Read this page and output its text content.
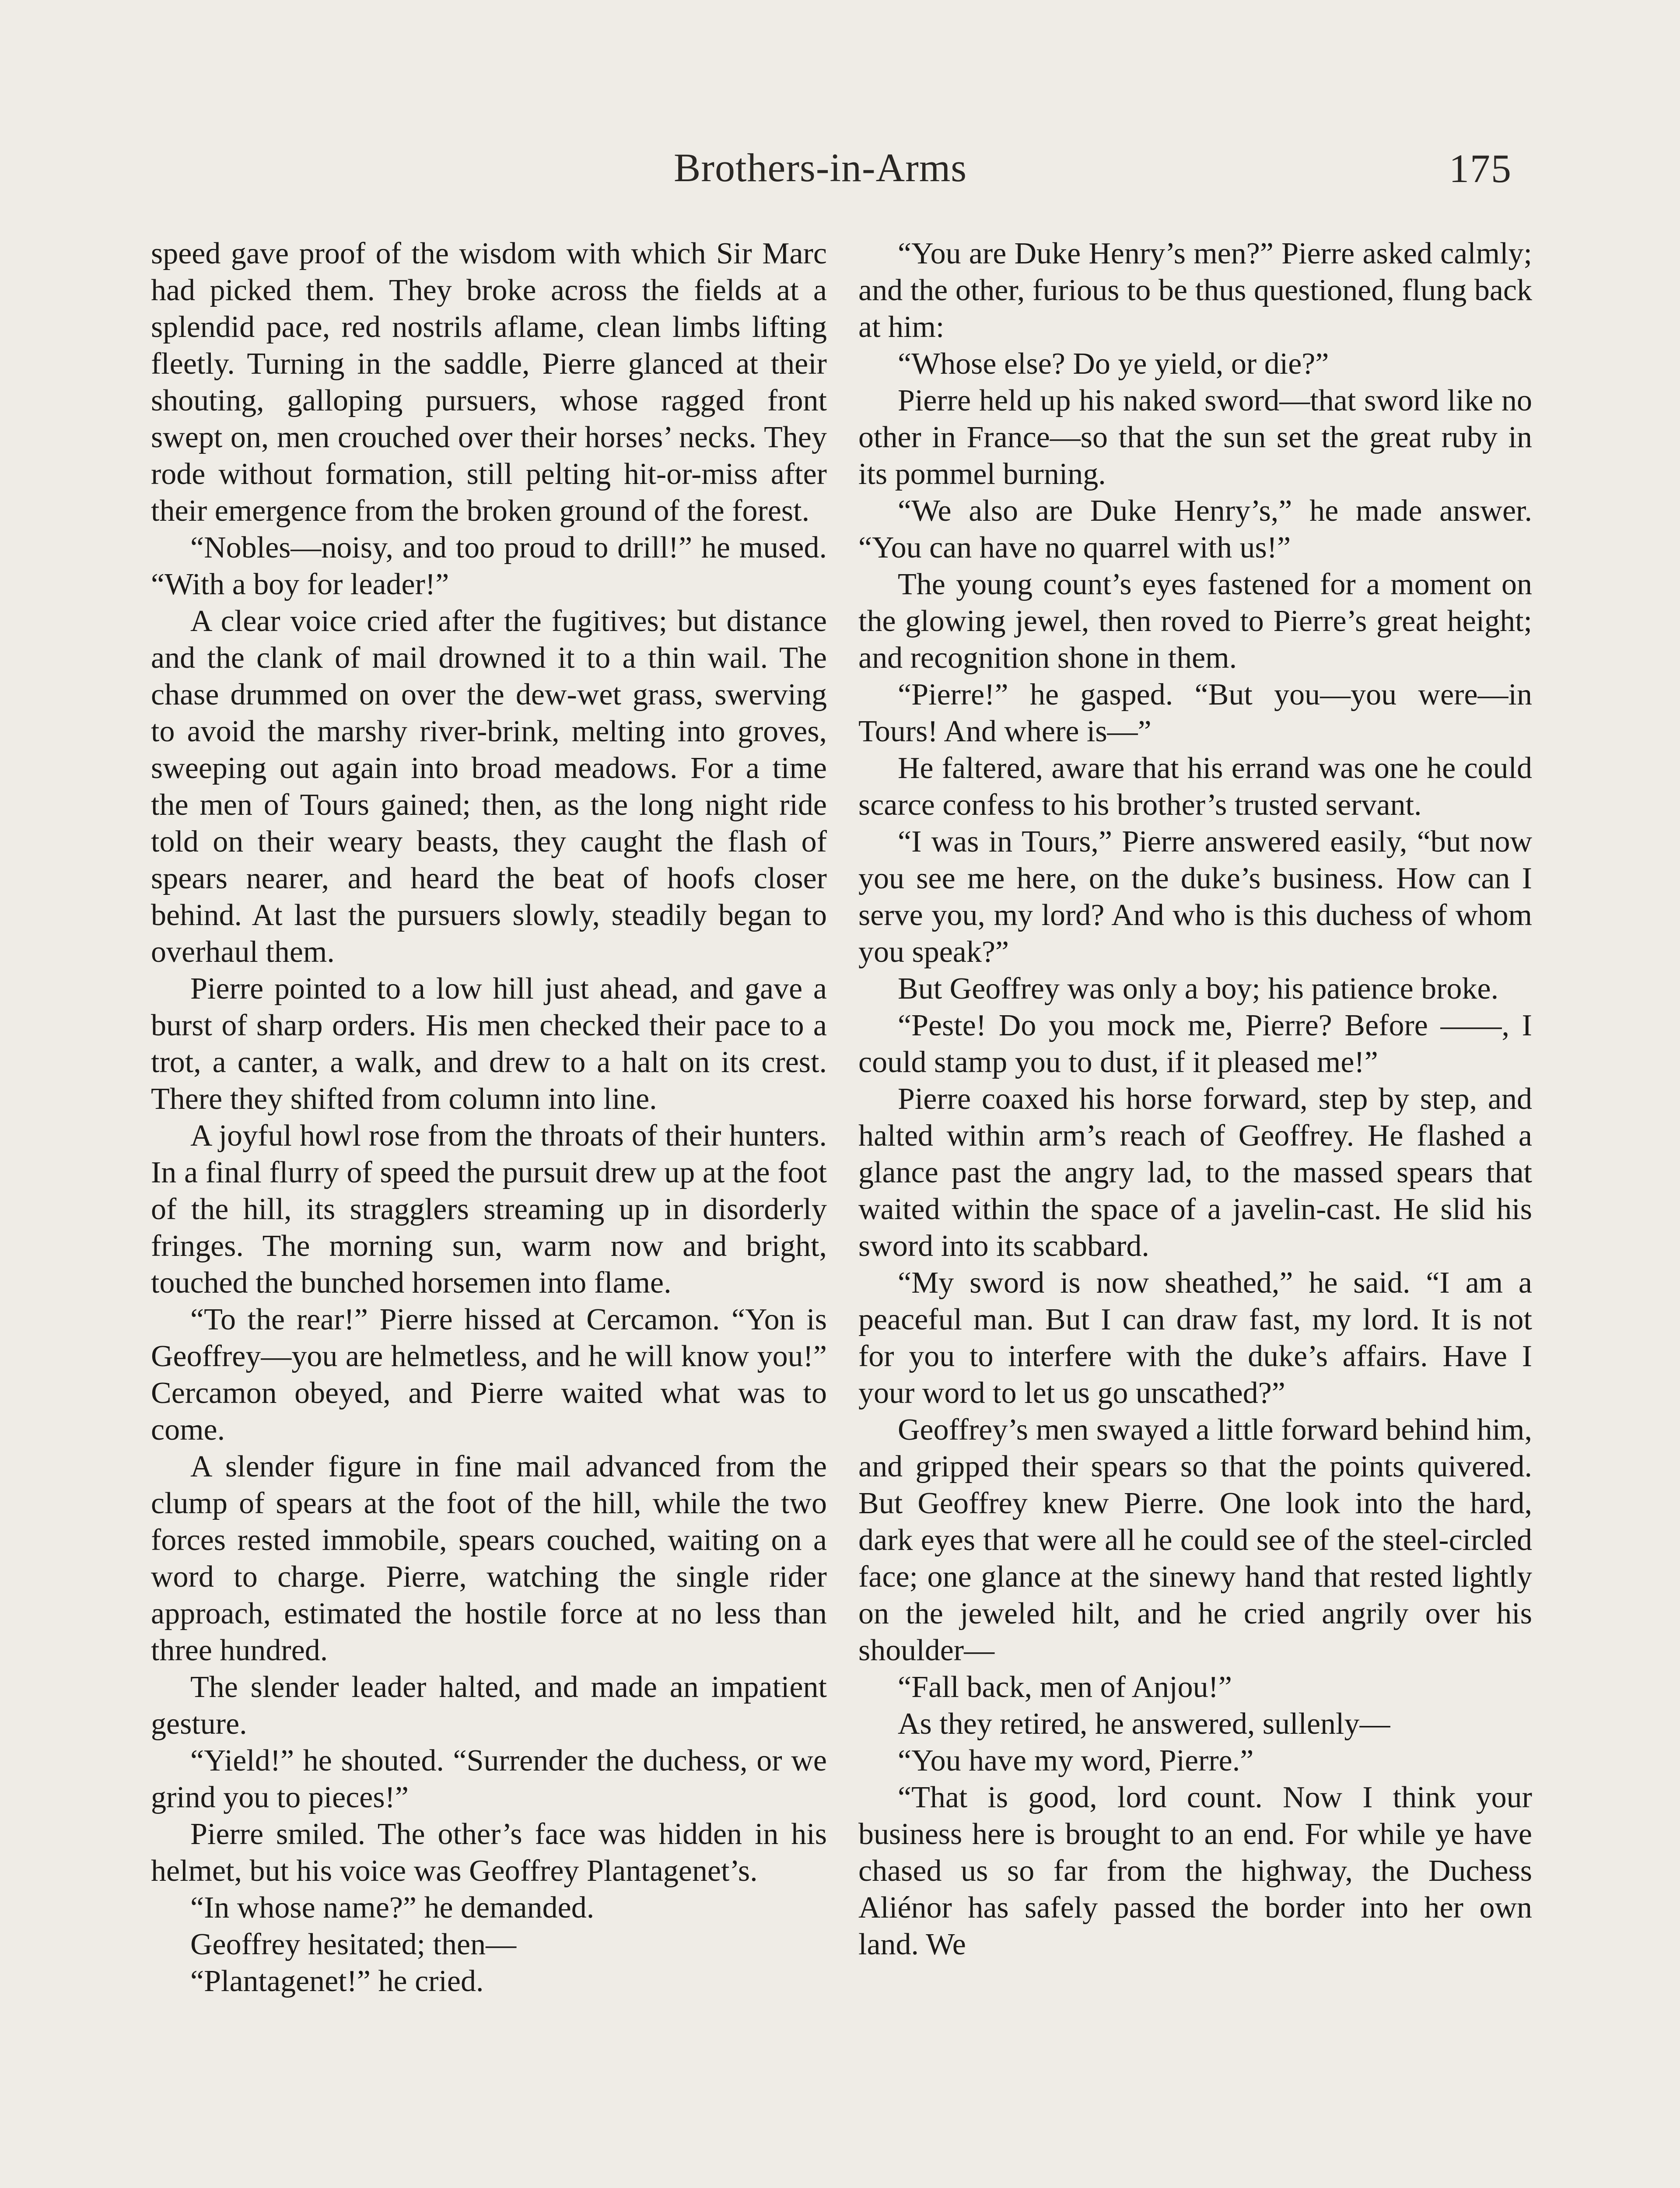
Brothers-in-Arms	175

speed gave proof of the wisdom with which Sir Marc had picked them. They broke across the fields at a splendid pace, red nostrils aflame, clean limbs lifting fleetly. Turning in the saddle, Pierre glanced at their shouting, galloping pursuers, whose ragged front swept on, men crouched over their horses’ necks. They rode without formation, still pelting hit-or-miss after their emergence from the broken ground of the forest.

“Nobles—noisy, and too proud to drill!” he mused. “With a boy for leader!”

A clear voice cried after the fugitives; but distance and the clank of mail drowned it to a thin wail. The chase drummed on over the dew-wet grass, swerving to avoid the marshy river-brink, melting into groves, sweeping out again into broad meadows. For a time the men of Tours gained; then, as the long night ride told on their weary beasts, they caught the flash of spears nearer, and heard the beat of hoofs closer behind. At last the pursuers slowly, steadily began to overhaul them.

Pierre pointed to a low hill just ahead, and gave a burst of sharp orders. His men checked their pace to a trot, a canter, a walk, and drew to a halt on its crest. There they shifted from column into line.

A joyful howl rose from the throats of their hunters. In a final flurry of speed the pursuit drew up at the foot of the hill, its stragglers streaming up in disorderly fringes. The morning sun, warm now and bright, touched the bunched horsemen into flame.

“To the rear!” Pierre hissed at Cercamon. “Yon is Geoffrey—you are helmetless, and he will know you!” Cercamon obeyed, and Pierre waited what was to come.

A slender figure in fine mail advanced from the clump of spears at the foot of the hill, while the two forces rested immobile, spears couched, waiting on a word to charge. Pierre, watching the single rider approach, estimated the hostile force at no less than three hundred.

The slender leader halted, and made an impatient gesture.

“Yield!” he shouted. “Surrender the duchess, or we grind you to pieces!”

Pierre smiled. The other’s face was hidden in his helmet, but his voice was Geoffrey Plantagenet’s.

“In whose name?” he demanded.

Geoffrey hesitated; then—

“Plantagenet!” he cried.

“You are Duke Henry’s men?” Pierre asked calmly; and the other, furious to be thus questioned, flung back at him:

“Whose else? Do ye yield, or die?”

Pierre held up his naked sword—that sword like no other in France—so that the sun set the great ruby in its pommel burning.

“We also are Duke Henry’s,” he made answer. “You can have no quarrel with us!”

The young count’s eyes fastened for a moment on the glowing jewel, then roved to Pierre’s great height; and recognition shone in them.

“Pierre!” he gasped. “But you—you were—in Tours! And where is—”

He faltered, aware that his errand was one he could scarce confess to his brother’s trusted servant.

“I was in Tours,” Pierre answered easily, “but now you see me here, on the duke’s business. How can I serve you, my lord? And who is this duchess of whom you speak?”

But Geoffrey was only a boy; his patience broke.

“Peste! Do you mock me, Pierre? Before ——, I could stamp you to dust, if it pleased me!”

Pierre coaxed his horse forward, step by step, and halted within arm’s reach of Geoffrey. He flashed a glance past the angry lad, to the massed spears that waited within the space of a javelin-cast. He slid his sword into its scabbard.

“My sword is now sheathed,” he said. “I am a peaceful man. But I can draw fast, my lord. It is not for you to interfere with the duke’s affairs. Have I your word to let us go unscathed?”

Geoffrey’s men swayed a little forward behind him, and gripped their spears so that the points quivered. But Geoffrey knew Pierre. One look into the hard, dark eyes that were all he could see of the steel-circled face; one glance at the sinewy hand that rested lightly on the jeweled hilt, and he cried angrily over his shoulder—

“Fall back, men of Anjou!”

As they retired, he answered, sullenly—

“You have my word, Pierre.”

“That is good, lord count. Now I think your business here is brought to an end. For while ye have chased us so far from the highway, the Duchess Aliénor has safely passed the border into her own land. We
